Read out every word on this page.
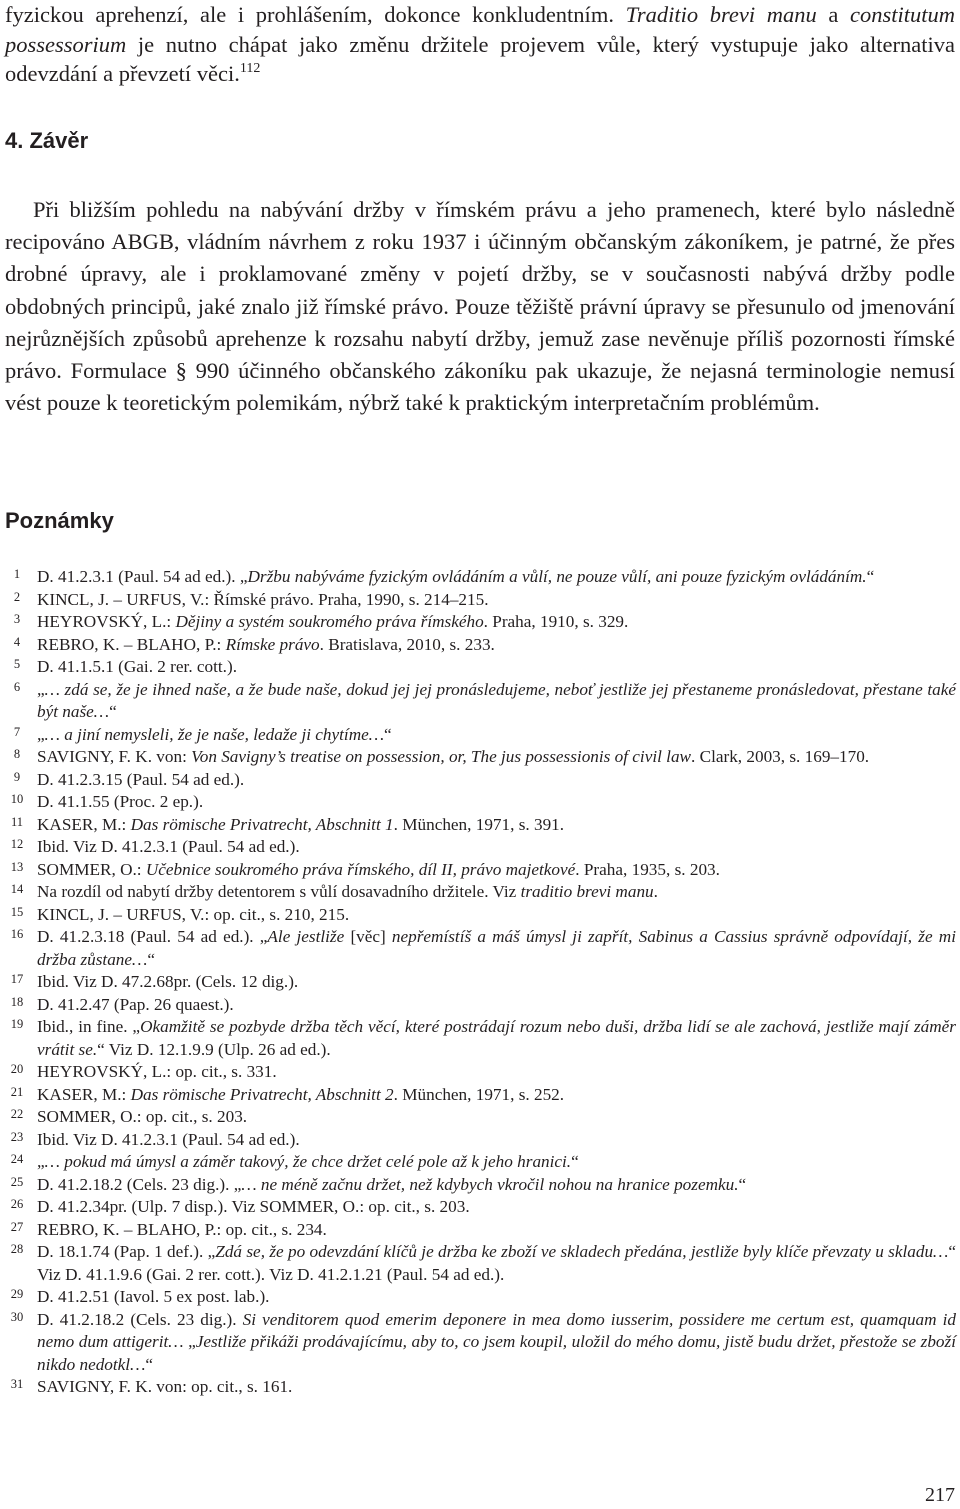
fyzickou aprehenzí, ale i prohlášením, dokonce konkludentním. Traditio brevi manu a constitutum possessorium je nutno chápat jako změnu držitele projevem vůle, který vystupuje jako alternativa odevzdání a převzetí věci.$^{112}$

4. Závěr

Při bližším pohledu na nabývání držby v římském právu a jeho pramenech, které bylo následně recipováno ABGB, vládním návrhem z roku 1937 i účinným občanským zákoníkem, je patrné, že přes drobné úpravy, ale i proklamované změny v pojetí držby, se v současnosti nabývá držby podle obdobných principů, jaké znalo již římské právo. Pouze těžiště právní úpravy se přesunulo od jmenování nejrůznějších způsobů aprehenze k rozsahu nabytí držby, jemuž zase nevěnuje příliš pozornosti římské právo. Formulace § 990 účinného občanského zákoníku pak ukazuje, že nejasná terminologie nemusí vést pouze k teoretickým polemikám, nýbrž také k praktickým interpretačním problémům.

Poznámky
1 D. 41.2.3.1 (Paul. 54 ad ed.). „Držbu nabýváme fyzickým ovládáním a vůlí, ne pouze vůlí, ani pouze fyzickým ovládáním.“
2 KINCL, J. – URFUS, V.: Římské právo. Praha, 1990, s. 214–215.
3 HEYROVSKÝ, L.: Dějiny a systém soukromého práva římského. Praha, 1910, s. 329.
4 REBRO, K. – BLAHO, P.: Rímske právo. Bratislava, 2010, s. 233.
5 D. 41.1.5.1 (Gai. 2 rer. cott.).
6 „… zdá se, že je ihned naše, a že bude naše, dokud jej jej pronásledujeme, neboť jestliže jej přestaneme pronásledovat, přestane také být naše…“
7 „… a jiní nemysleli, že je naše, ledaže ji chytíme…“
8 SAVIGNY, F. K. von: Von Savigny’s treatise on possession, or, The jus possessionis of civil law. Clark, 2003, s. 169–170.
9 D. 41.2.3.15 (Paul. 54 ad ed.).
10 D. 41.1.55 (Proc. 2 ep.).
11 KASER, M.: Das römische Privatrecht, Abschnitt 1. München, 1971, s. 391.
12 Ibid. Viz D. 41.2.3.1 (Paul. 54 ad ed.).
13 SOMMER, O.: Učebnice soukromého práva římského, díl II, právo majetkové. Praha, 1935, s. 203.
14 Na rozdíl od nabytí držby detentorem s vůlí dosavadního držitele. Viz traditio brevi manu.
15 KINCL, J. – URFUS, V.: op. cit., s. 210, 215.
16 D. 41.2.3.18 (Paul. 54 ad ed.). „Ale jestliže [věc] nepřemístíš a máš úmysl ji zapřít, Sabinus a Cassius správně odpovídají, že mi držba zůstane…“
17 Ibid. Viz D. 47.2.68pr. (Cels. 12 dig.).
18 D. 41.2.47 (Pap. 26 quaest.).
19 Ibid., in fine. „Okamžitě se pozbyde držba těch věcí, které postrádají rozum nebo duši, držba lidí se ale zachová, jestliže mají záměr vrátit se.“ Viz D. 12.1.9.9 (Ulp. 26 ad ed.).
20 HEYROVSKÝ, L.: op. cit., s. 331.
21 KASER, M.: Das römische Privatrecht, Abschnitt 2. München, 1971, s. 252.
22 SOMMER, O.: op. cit., s. 203.
23 Ibid. Viz D. 41.2.3.1 (Paul. 54 ad ed.).
24 „… pokud má úmysl a záměr takový, že chce držet celé pole až k jeho hranici.“
25 D. 41.2.18.2 (Cels. 23 dig.). „… ne méně začnu držet, než kdybych vkročil nohou na hranice pozemku.“
26 D. 41.2.34pr. (Ulp. 7 disp.). Viz SOMMER, O.: op. cit., s. 203.
27 REBRO, K. – BLAHO, P.: op. cit., s. 234.
28 D. 18.1.74 (Pap. 1 def.). „Zdá se, že po odevzdání klíčů je držba ke zboží ve skladech předána, jestliže byly klíče převzaty u skladu…“ Viz D. 41.1.9.6 (Gai. 2 rer. cott.). Viz D. 41.2.1.21 (Paul. 54 ad ed.).
29 D. 41.2.51 (Iavol. 5 ex post. lab.).
30 D. 41.2.18.2 (Cels. 23 dig.). Si venditorem quod emerim deponere in mea domo iusserim, possidere me certum est, quamquam id nemo dum attigerit… „Jestliže přikáži prodávajícímu, aby to, co jsem koupil, uložil do mého domu, jistě budu držet, přestože se zboží nikdo nedotkl…“
31 SAVIGNY, F. K. von: op. cit., s. 161.
217
